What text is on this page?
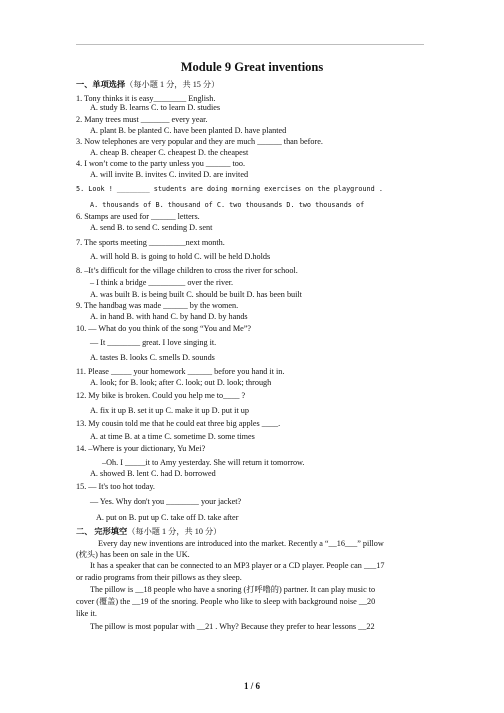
Module 9 Great inventions
一、单项选择（每小题 1 分，共 15 分）
1. Tony thinks it is easy________ English.
A. study B. learns C. to learn D. studies
2. Many trees must _______ every year.
A. plant B. be planted C. have been planted D. have planted
3. Now telephones are very popular and they are much ______ than before.
A. cheap B. cheaper C. cheapest D. the cheapest
4. I won’t come to the party unless you ______ too.
A. will invite B. invites C. invited D. are invited
5. Look ! ________ students are doing morning exercises on the playground .
A. thousands of B. thousand of C. two thousands D. two thousands of
6. Stamps are used for ______ letters.
A. send B. to send C. sending D. sent
7. The sports meeting _________next month.
A. will hold B. is going to hold C. will be held D.holds
8. –It’s difficult for the village children to cross the river for school.
– I think a bridge _________ over the river.
A. was built B. is being built C. should be built D. has been built
9. The handbag was made ______ by the women.
A. in hand B. with hand C. by hand D. by hands
10. — What do you think of the song “You and Me”?
— It ________ great. I love singing it.
A. tastes B. looks C. smells D. sounds
11. Please _____ your homework ______ before you hand it in.
A. look; for B. look; after C. look; out D. look; through
12. My bike is broken. Could you help me to____ ?
A. fix it up B. set it up C. make it up D. put it up
13. My cousin told me that he could eat three big apples ____.
A. at time B. at a time C. sometime D. some times
14. –Where is your dictionary, Yu Mei?
–Oh. I _____it to Amy yesterday. She will return it tomorrow.
A. showed B. lent C. had D. borrowed
15. — It's too hot today.
— Yes. Why don't you ________ your jacket?
A. put on B. put up C. take off D. take after
二、 完形填空（每小题 1 分，共 10 分）
Every day new inventions are introduced into the market. Recently a “__16___” pillow
(枕头) has been on sale in the UK.
It has a speaker that can be connected to an MP3 player or a CD player. People can ___17
or radio programs from their pillows as they sleep.
The pillow is __18 people who have a snoring (打呼噜的) partner. It can play music to
cover (覆盖) the __19 of the snoring. People who like to sleep with background noise __20
like it.
The pillow is most popular with __21 . Why? Because they prefer to hear lessons __22
1 / 6
